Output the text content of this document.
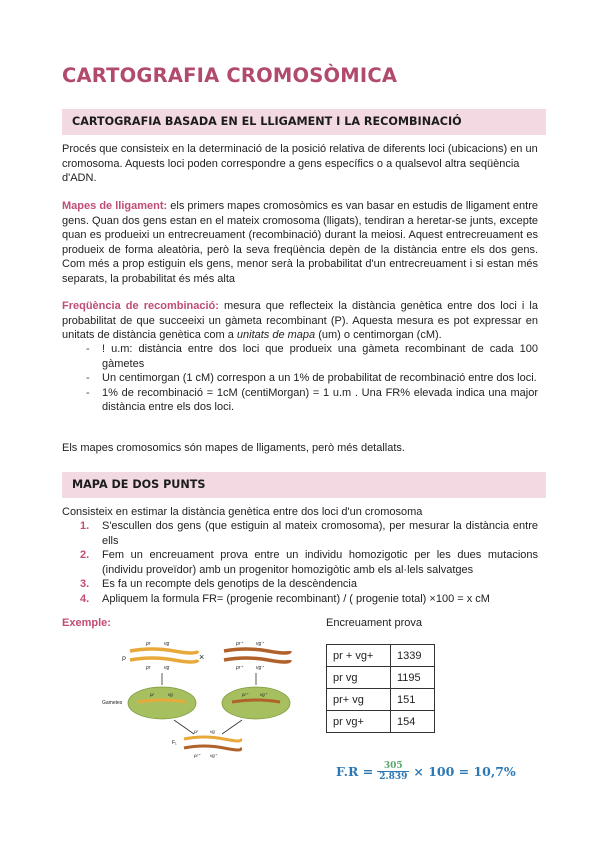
CARTOGRAFIA CROMOSÒMICA
CARTOGRAFIA BASADA EN EL LLIGAMENT I LA RECOMBINACIÓ

Procés que consisteix en la determinació de la posició relativa de diferents loci (ubicacions) en un cromosoma. Aquests loci poden correspondre a gens específics o a qualsevol altra seqüència d'ADN.

Mapes de lligament: els primers mapes cromosòmics es van basar en estudis de lligament entre gens. Quan dos gens estan en el mateix cromosoma (lligats), tendiran a heretar-se junts, excepte quan es produeixi un entrecreuament (recombinació) durant la meiosi. Aquest entrecreuament es produeix de forma aleatòria, però la seva freqüència depèn de la distància entre els dos gens. Com més a prop estiguin els gens, menor serà la probabilitat d'un entrecreuament i si estan més separats, la probabilitat és més alta

Freqüència de recombinació: mesura que reflecteix la distància genètica entre dos loci i la probabilitat de que succeeixi un gàmeta recombinant (P). Aquesta mesura es pot expressar en unitats de distància genètica com a unitats de mapa (um) o centimorgan (cM).

- ! u.m: distància entre dos loci que produeix una gàmeta recombinant de cada 100 gàmetes
- Un centimorgan (1 cM) correspon a un 1% de probabilitat de recombinació entre dos loci.
- 1% de recombinació = 1cM (centiMorgan) = 1 u.m . Una FR% elevada indica una major distància entre els dos loci.

Els mapes cromosomics són mapes de lligaments, però més detallats.

MAPA DE DOS PUNTS

Consisteix en estimar la distància genètica entre dos loci d'un cromosoma

1. S'escullen dos gens (que estiguin al mateix cromosoma), per mesurar la distància entre ells
2. Fem un encreuament prova entre un individu homozigotic per les dues mutacions (individu proveïdor) amb un progenitor homozigòtic amb els al·lels salvatges
3. Es fa un recompte dels genotips de la descèndencia
4. Apliquem la formula FR= (progenie recombinant) / ( progenie total) ×100 = x cM

Exemple:

P
pr	vg
pr	vg
×
pr⁺	vg⁺
pr⁺	vg⁺
Gametes
pr	vg	pr⁺	vg⁺
F₁
pr	vg
pr⁺ vg⁺
Encreuament prova
pr + vg+	1339
pr vg	1195
pr+ vg	151
pr vg+	154
$F.R = \frac{305}{2.839} \times 100 = 10,7\%$
